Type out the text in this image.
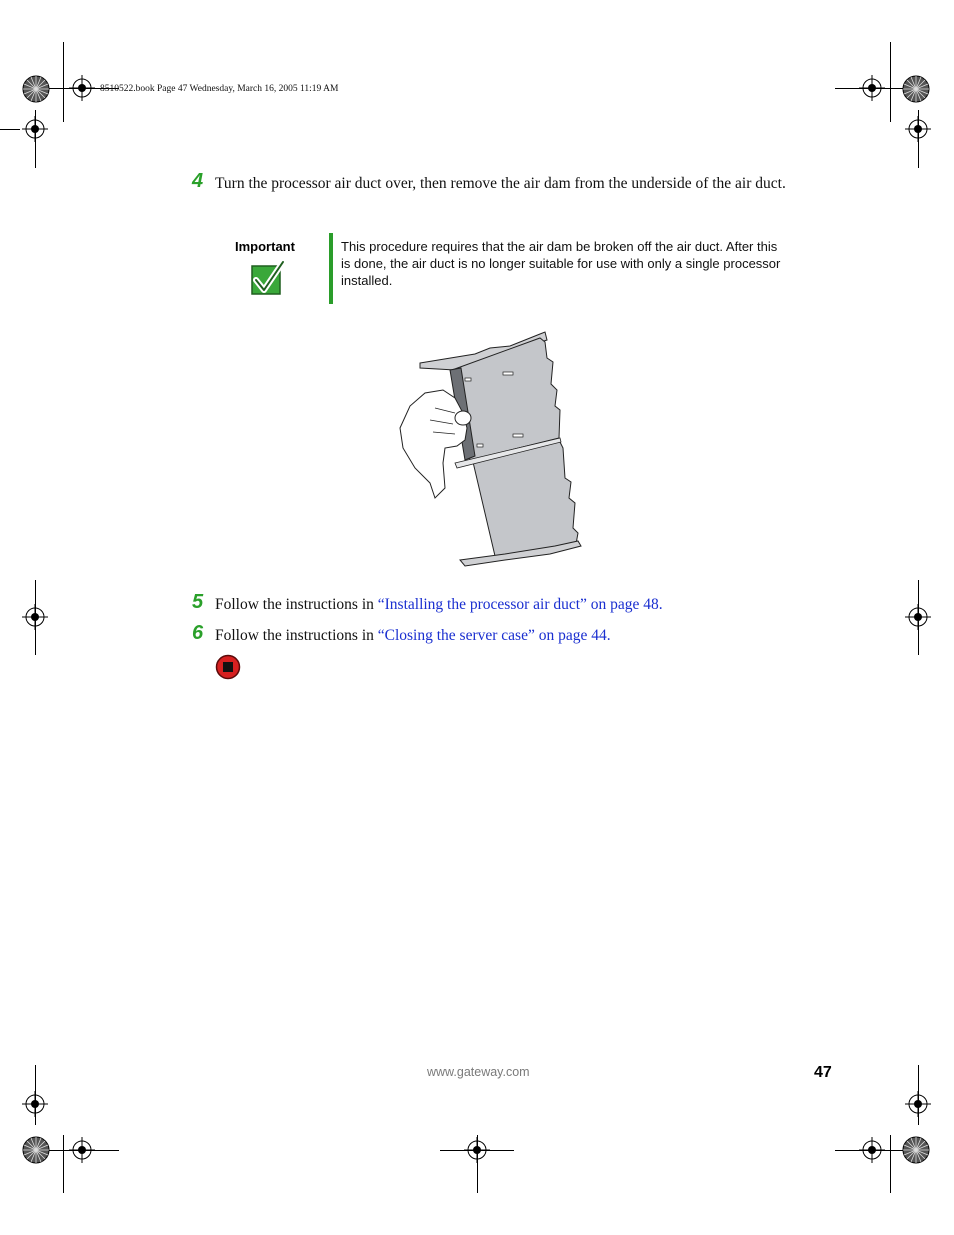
8510522.book Page 47 Wednesday, March 16, 2005 11:19 AM
4 Turn the processor air duct over, then remove the air dam from the underside of the air duct.
Important	This procedure requires that the air dam be broken off the air duct. After this is done, the air duct is no longer suitable for use with only a single processor installed.
5 Follow the instructions in “Installing the processor air duct” on page 48.
6 Follow the instructions in “Closing the server case” on page 44.
www.gateway.com	47
